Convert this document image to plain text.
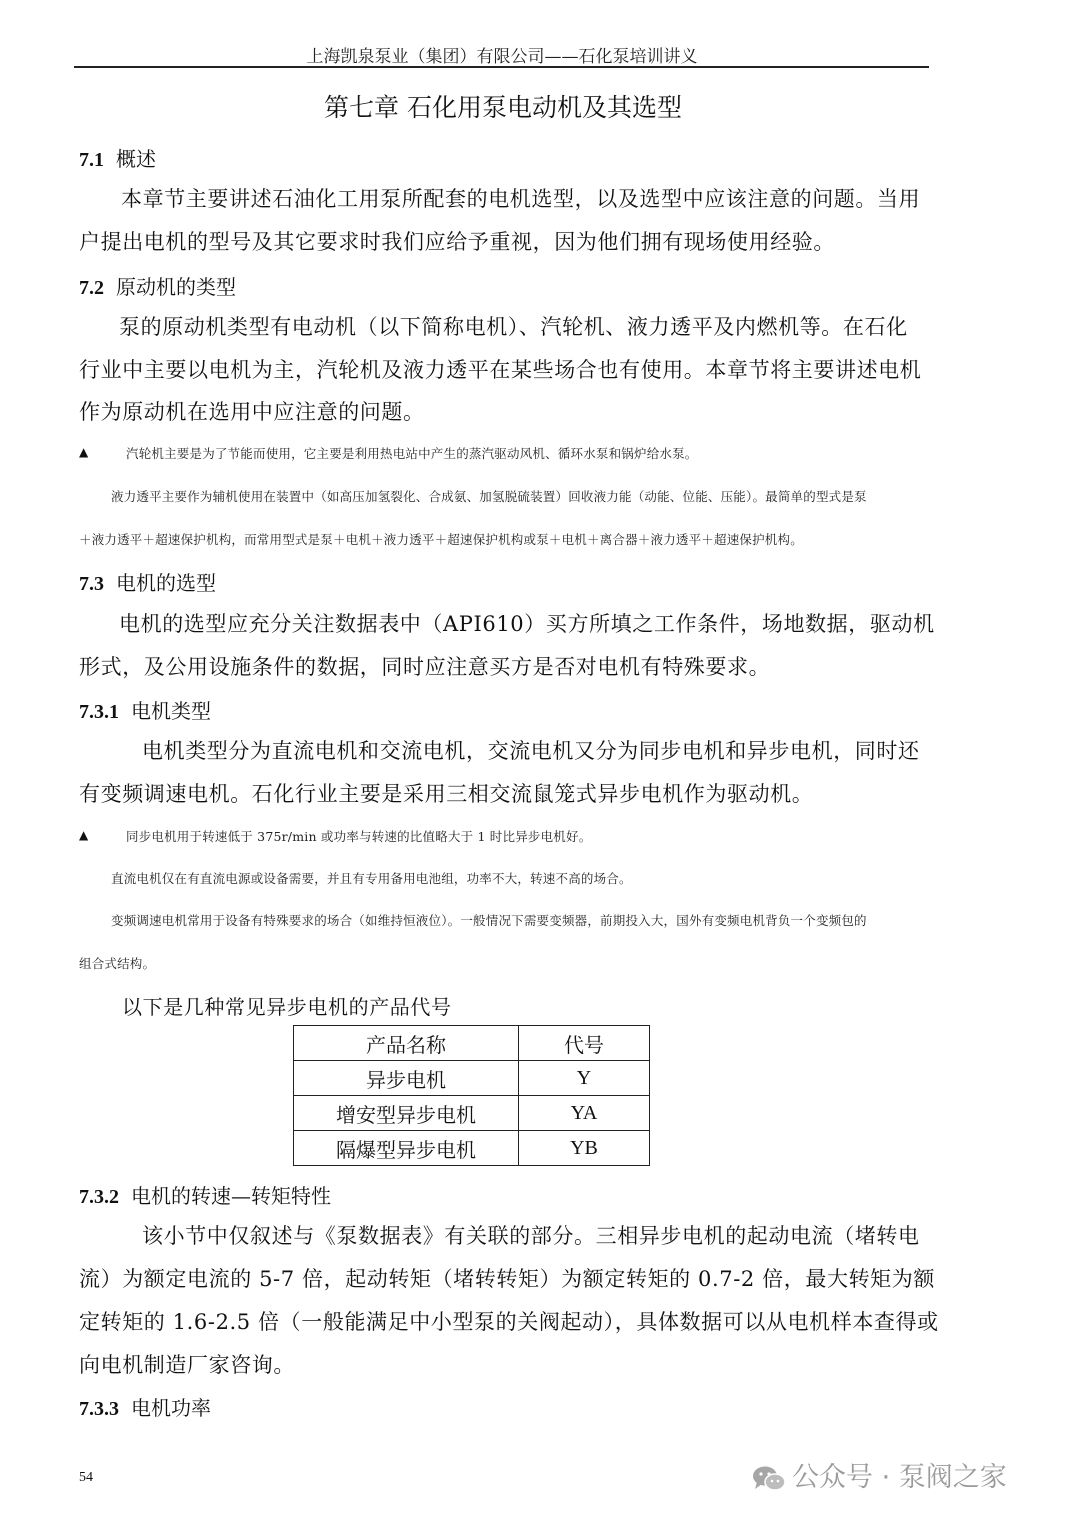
上海凯泉泵业（集团）有限公司——石化泵培训讲义
第七章 石化用泵电动机及其选型
7.1 概述
本章节主要讲述石油化工用泵所配套的电机选型，以及选型中应该注意的问题。当用
户提出电机的型号及其它要求时我们应给予重视，因为他们拥有现场使用经验。
7.2 原动机的类型
泵的原动机类型有电动机（以下简称电机）、汽轮机、液力透平及内燃机等。在石化
行业中主要以电机为主，汽轮机及液力透平在某些场合也有使用。本章节将主要讲述电机
作为原动机在选用中应注意的问题。
▲	汽轮机主要是为了节能而使用，它主要是利用热电站中产生的蒸汽驱动风机、循环水泵和锅炉给水泵。
液力透平主要作为辅机使用在装置中（如高压加氢裂化、合成氨、加氢脱硫装置）回收液力能（动能、位能、压能）。最简单的型式是泵
＋液力透平＋超速保护机构，而常用型式是泵＋电机＋液力透平＋超速保护机构或泵＋电机＋离合器＋液力透平＋超速保护机构。
7.3 电机的选型
电机的选型应充分关注数据表中（API610）买方所填之工作条件，场地数据，驱动机
形式，及公用设施条件的数据，同时应注意买方是否对电机有特殊要求。
7.3.1 电机类型
电机类型分为直流电机和交流电机，交流电机又分为同步电机和异步电机，同时还
有变频调速电机。石化行业主要是采用三相交流鼠笼式异步电机作为驱动机。
▲	同步电机用于转速低于 375r/min 或功率与转速的比值略大于 1 时比异步电机好。
直流电机仅在有直流电源或设备需要，并且有专用备用电池组，功率不大，转速不高的场合。
变频调速电机常用于设备有特殊要求的场合（如维持恒液位）。一般情况下需要变频器，前期投入大，国外有变频电机背负一个变频包的
组合式结构。
以下是几种常见异步电机的产品代号
产品名称	代号
异步电机	Y
增安型异步电机	YA
隔爆型异步电机	YB
7.3.2 电机的转速—转矩特性
该小节中仅叙述与《泵数据表》有关联的部分。三相异步电机的起动电流（堵转电
流）为额定电流的 5-7 倍，起动转矩（堵转转矩）为额定转矩的 0.7-2 倍，最大转矩为额
定转矩的 1.6-2.5 倍（一般能满足中小型泵的关阀起动），具体数据可以从电机样本查得或
向电机制造厂家咨询。
7.3.3 电机功率
54	公众号 · 泵阀之家
